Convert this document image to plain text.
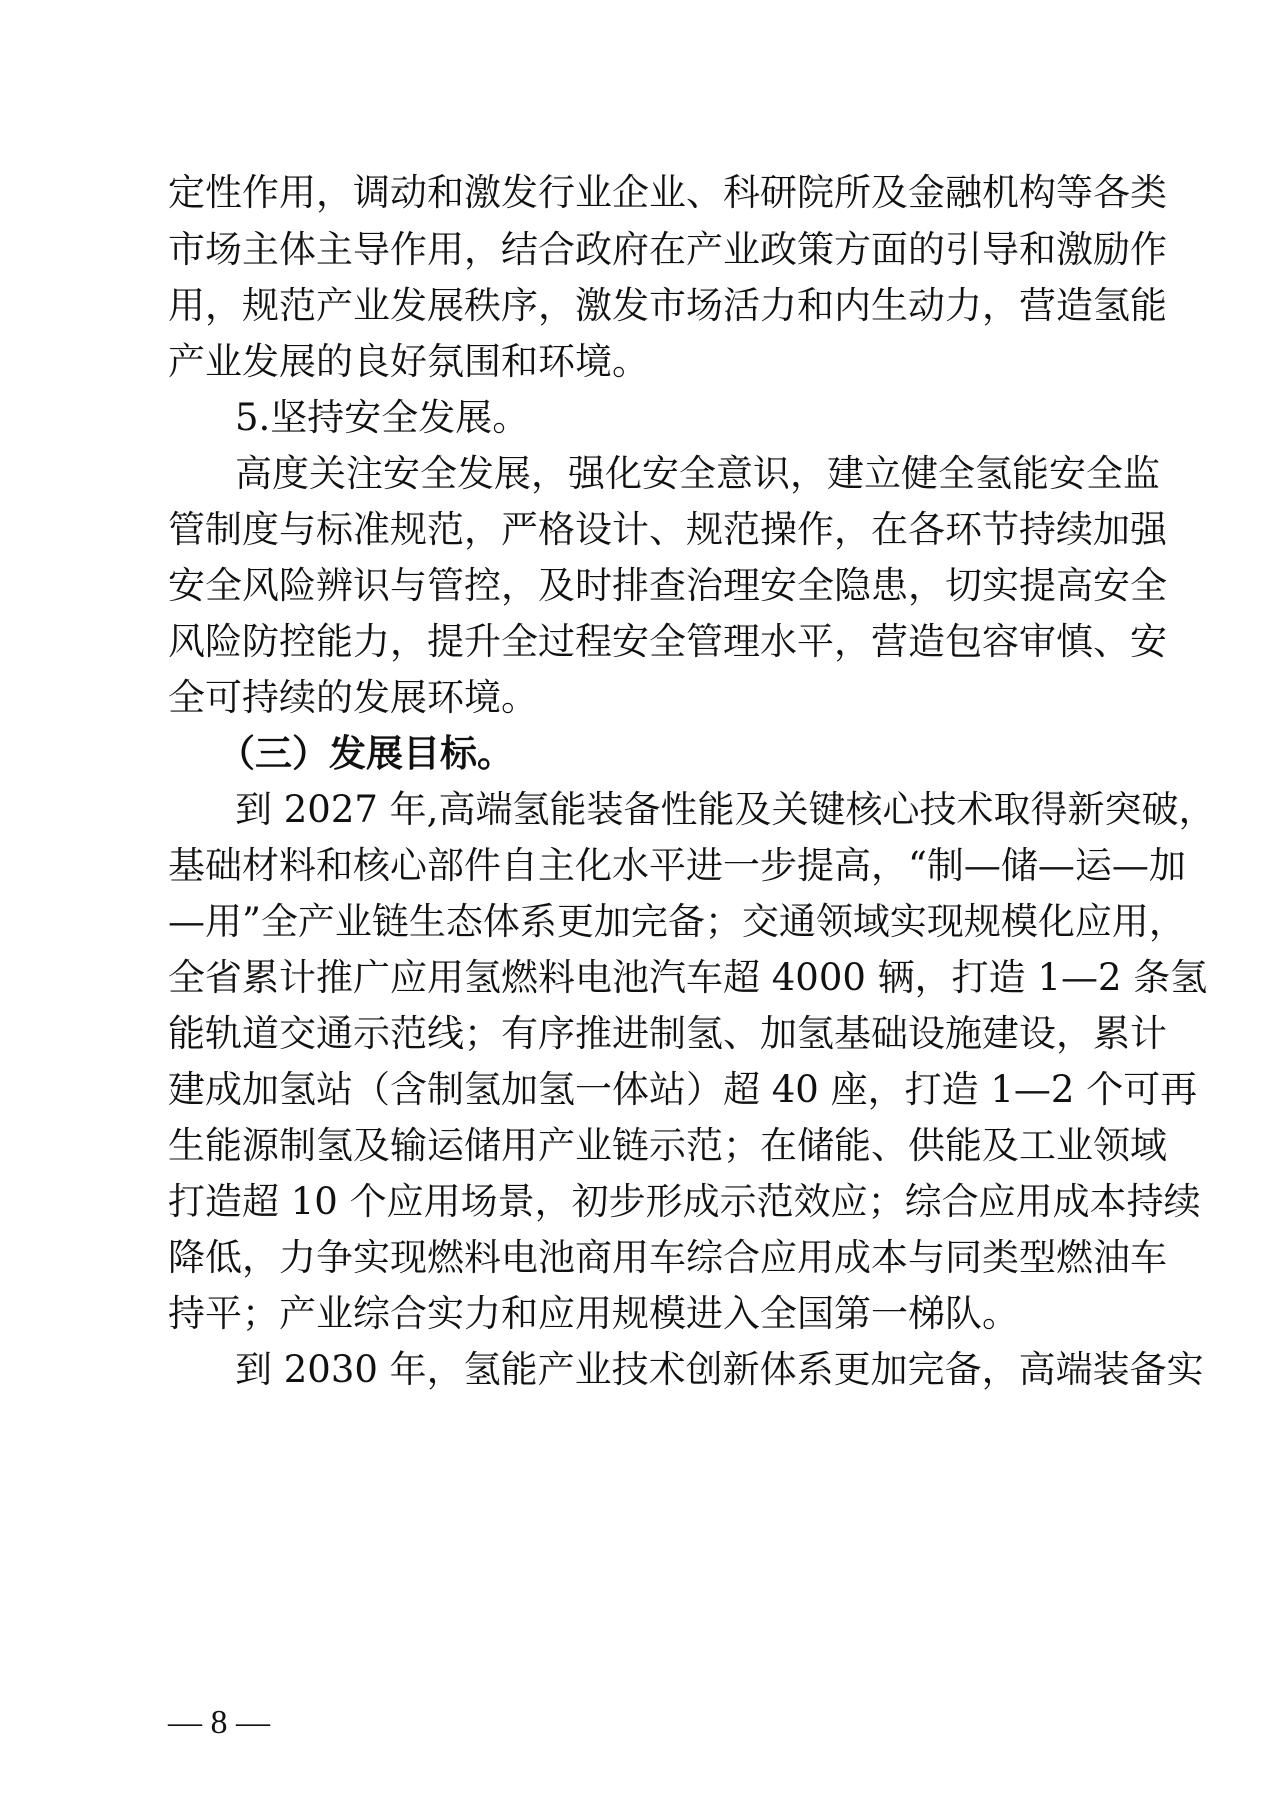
定性作用，调动和激发行业企业、科研院所及金融机构等各类
市场主体主导作用，结合政府在产业政策方面的引导和激励作
用，规范产业发展秩序，激发市场活力和内生动力，营造氢能
产业发展的良好氛围和环境。
5.坚持安全发展。
高度关注安全发展，强化安全意识，建立健全氢能安全监
管制度与标准规范，严格设计、规范操作，在各环节持续加强
安全风险辨识与管控，及时排查治理安全隐患，切实提高安全
风险防控能力，提升全过程安全管理水平，营造包容审慎、安
全可持续的发展环境。
（三）发展目标。
到 2027 年,高端氢能装备性能及关键核心技术取得新突破，
基础材料和核心部件自主化水平进一步提高，“制—储—运—加
—用”全产业链生态体系更加完备；交通领域实现规模化应用，
全省累计推广应用氢燃料电池汽车超 4000 辆，打造 1—2 条氢
能轨道交通示范线；有序推进制氢、加氢基础设施建设，累计
建成加氢站（含制氢加氢一体站）超 40 座，打造 1—2 个可再
生能源制氢及输运储用产业链示范；在储能、供能及工业领域
打造超 10 个应用场景，初步形成示范效应；综合应用成本持续
降低，力争实现燃料电池商用车综合应用成本与同类型燃油车
持平；产业综合实力和应用规模进入全国第一梯队。
到 2030 年，氢能产业技术创新体系更加完备，高端装备实
— 8 —
